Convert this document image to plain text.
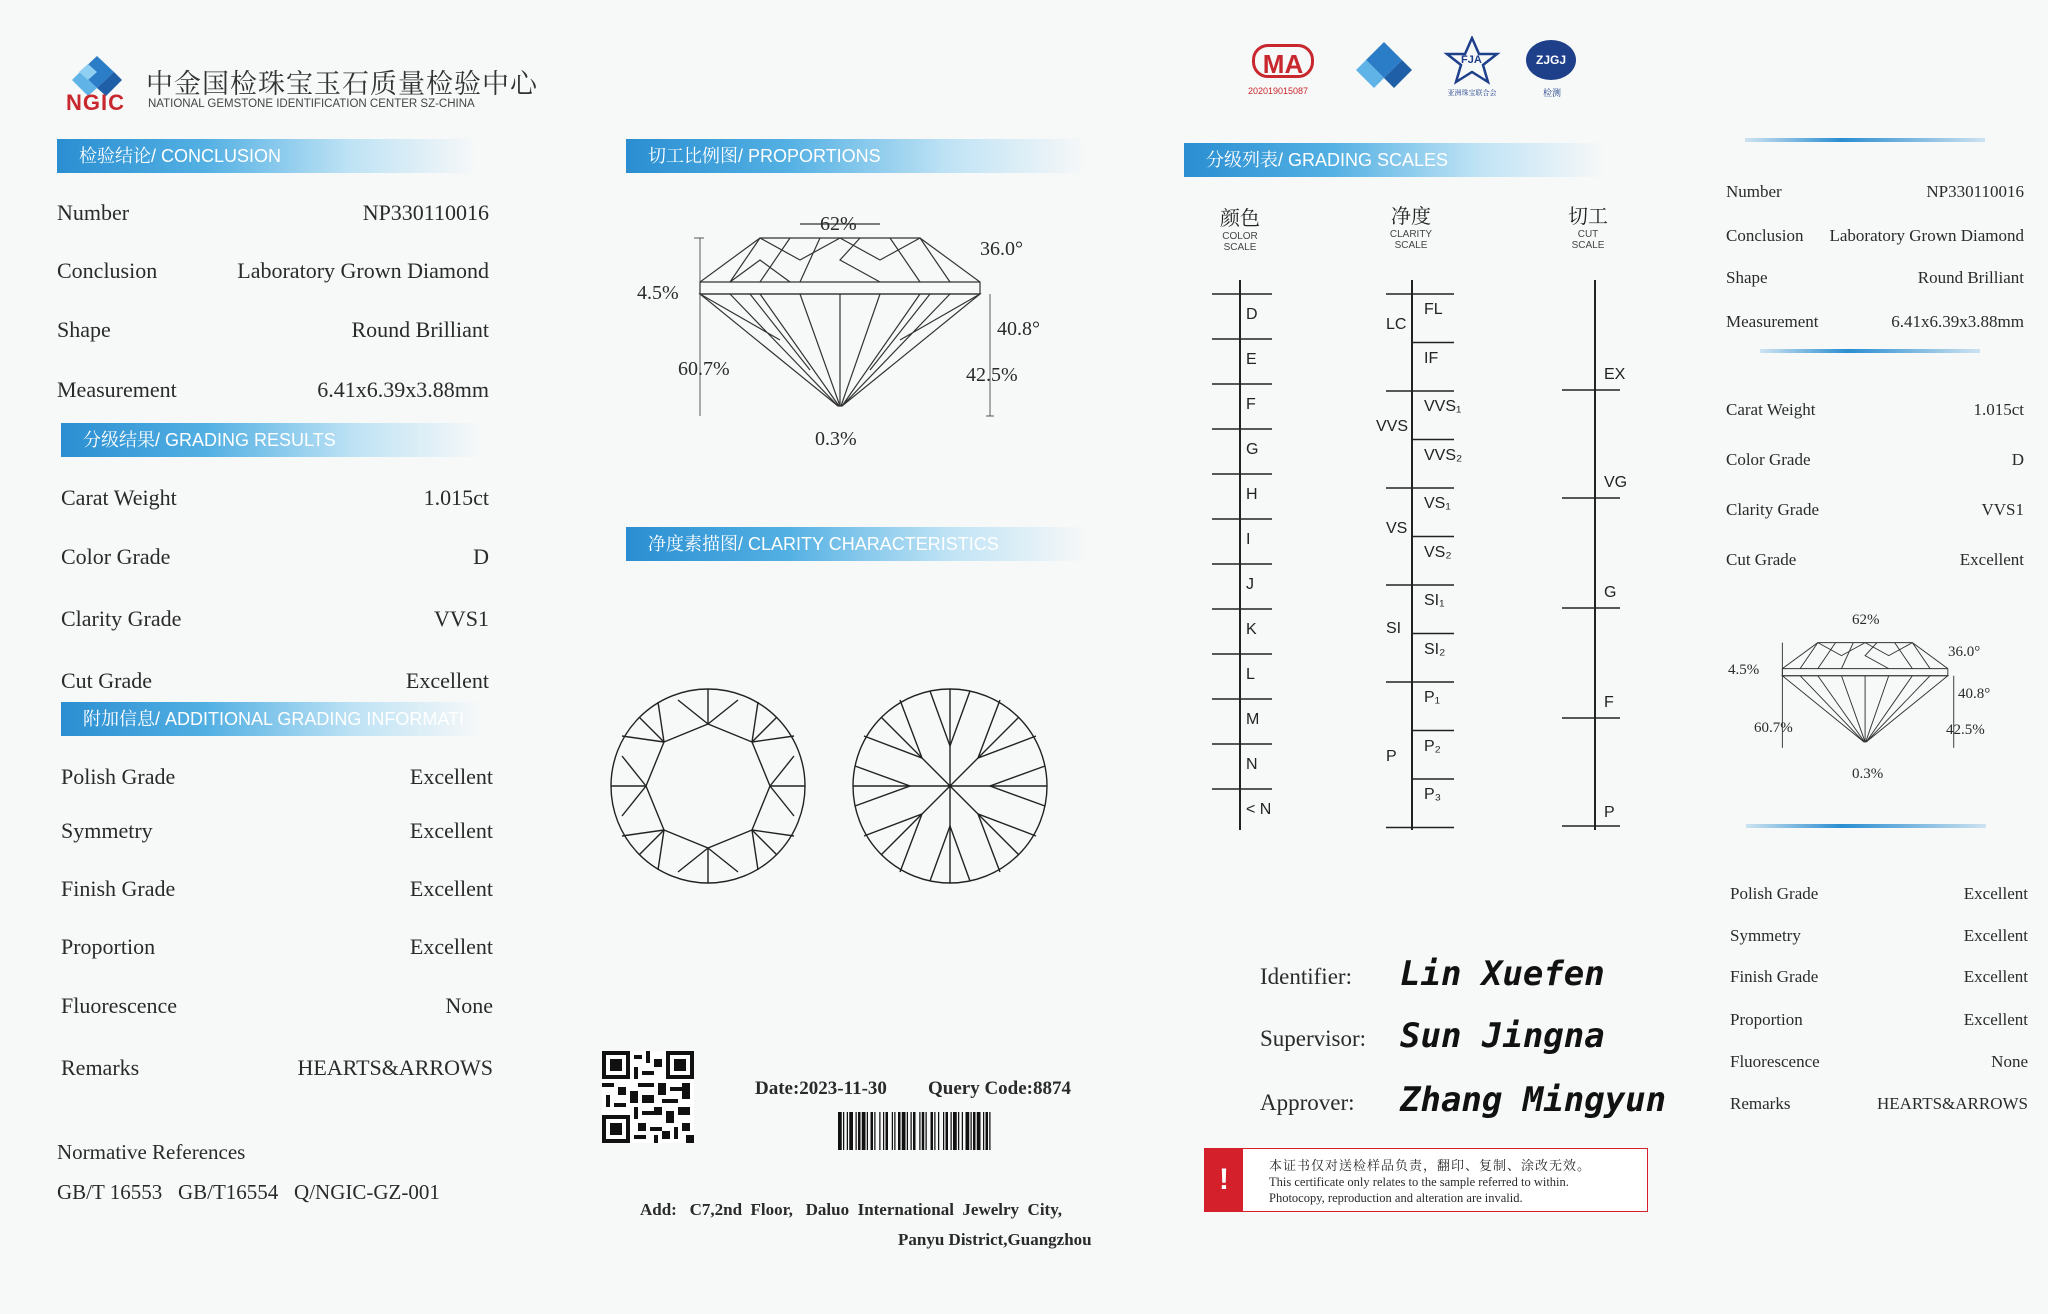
NGIC
中金国检珠宝玉石质量检验中心
NATIONAL GEMSTONE IDENTIFICATION CENTER SZ-CHINA
检验结论/ CONCLUSION
Number	NP330110016
Conclusion	Laboratory Grown Diamond
Shape	Round Brilliant
Measurement	6.41x6.39x3.88mm
分级结果/ GRADING RESULTS
Carat Weight	1.015ct
Color Grade	D
Clarity Grade	VVS1
Cut Grade	Excellent
附加信息/ ADDITIONAL GRADING INFORMATI
Polish Grade	Excellent
Symmetry	Excellent
Finish Grade	Excellent
Proportion	Excellent
Fluorescence	None
Remarks	HEARTS&ARROWS
Normative References
GB/T 16553   GB/T16554   Q/NGIC-GZ-001
切工比例图/ PROPORTIONS
62%
36.0°
4.5%
40.8°
60.7%	42.5%
0.3%
净度素描图/ CLARITY CHARACTERISTICS
Date:2023-11-30 Query Code:8874
Add:   C7,2nd  Floor,   Daluo  International  Jewelry  City,
Panyu District,Guangzhou
MA
202019015087
FJA
亚洲珠宝联合会
ZJGJ
检测
分级列表/ GRADING SCALES
颜色
COLOR
SCALE
净度
CLARITY
SCALE
切工
CUT
SCALE
D
E
F
G
H
I
J
K
L
M
N
< N
FL
IF
VVS₁
VVS₂
VS₁
VS₂
SI₁
SI₂
P₁
P₂
P₃
LC
VVS
VS
SI
P
EX
VG
G
F
P
Identifier: Lin Xuefen
Supervisor: Sun Jingna
Approver: Zhang Mingyun
!	本证书仅对送检样品负责，翻印、复制、涂改无效。
This certificate only relates to the sample referred to within.
Photocopy, reproduction and alteration are invalid.
Number	NP330110016
Conclusion Laboratory Grown Diamond
Shape	Round Brilliant
Measurement	6.41x6.39x3.88mm
Carat Weight	1.015ct
Color Grade	D
Clarity Grade	VVS1
Cut Grade	Excellent
62%
36.0°
4.5%
40.8°
60.7%	42.5%
0.3%
Polish Grade	Excellent
Symmetry	Excellent
Finish Grade	Excellent
Proportion	Excellent
Fluorescence	None
Remarks	HEARTS&ARROWS
